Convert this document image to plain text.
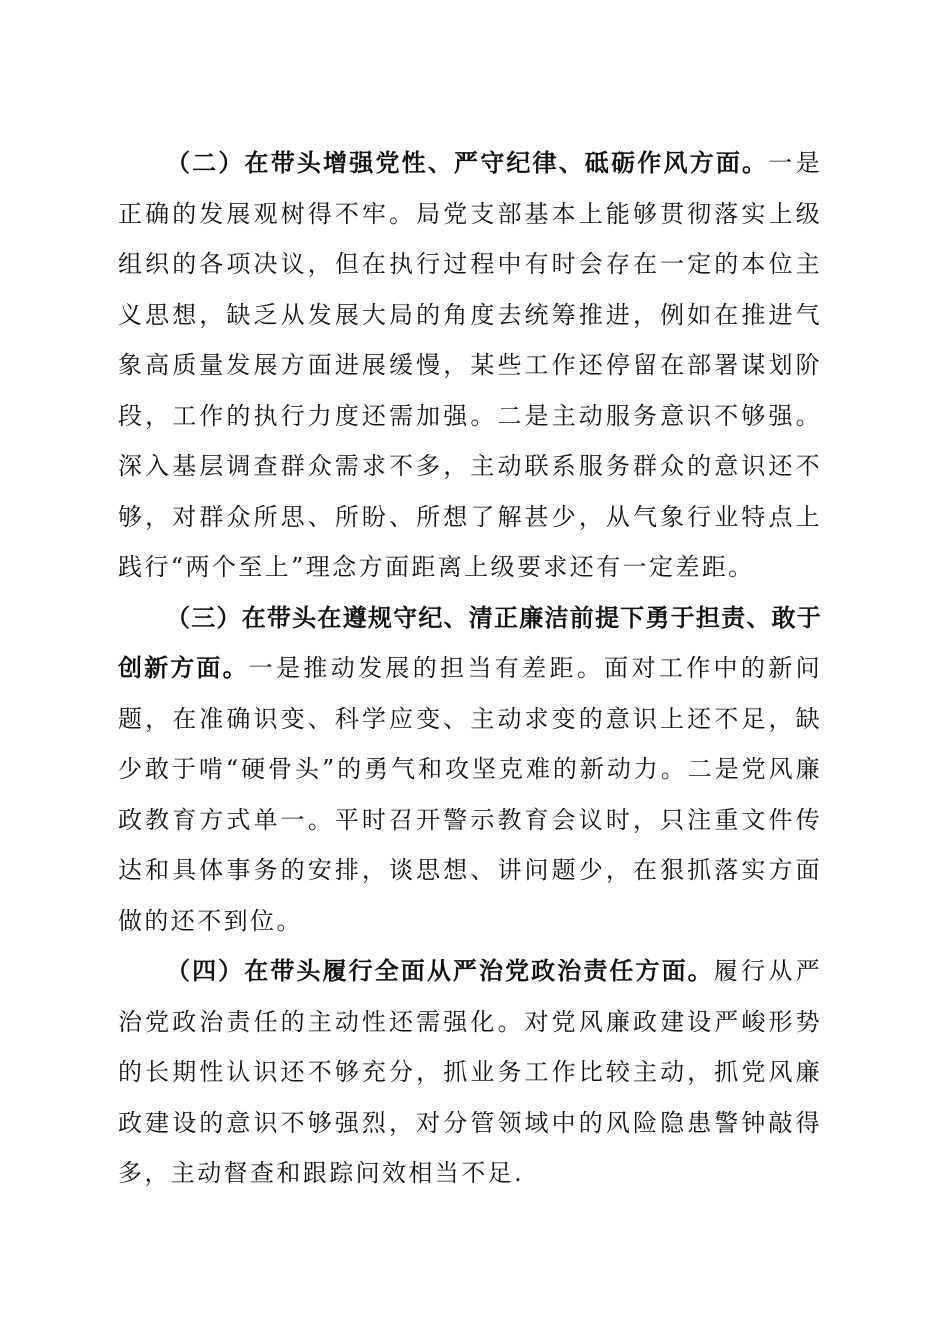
（二）在带头增强党性、严守纪律、砥砺作风方面。一是正确的发展观树得不牢。局党支部基本上能够贯彻落实上级组织的各项决议，但在执行过程中有时会存在一定的本位主义思想，缺乏从发展大局的角度去统筹推进，例如在推进气象高质量发展方面进展缓慢，某些工作还停留在部署谋划阶段，工作的执行力度还需加强。二是主动服务意识不够强。深入基层调查群众需求不多，主动联系服务群众的意识还不够，对群众所思、所盼、所想了解甚少，从气象行业特点上践行“两个至上”理念方面距离上级要求还有一定差距。

（三）在带头在遵规守纪、清正廉洁前提下勇于担责、敢于创新方面。一是推动发展的担当有差距。面对工作中的新问题，在准确识变、科学应变、主动求变的意识上还不足，缺少敢于啃“硬骨头”的勇气和攻坚克难的新动力。二是党风廉政教育方式单一。平时召开警示教育会议时，只注重文件传达和具体事务的安排，谈思想、讲问题少，在狠抓落实方面做的还不到位。

（四）在带头履行全面从严治党政治责任方面。履行从严治党政治责任的主动性还需强化。对党风廉政建设严峻形势的长期性认识还不够充分，抓业务工作比较主动，抓党风廉政建设的意识不够强烈，对分管领域中的风险隐患警钟敲得多，主动督查和跟踪问效相当不足.
